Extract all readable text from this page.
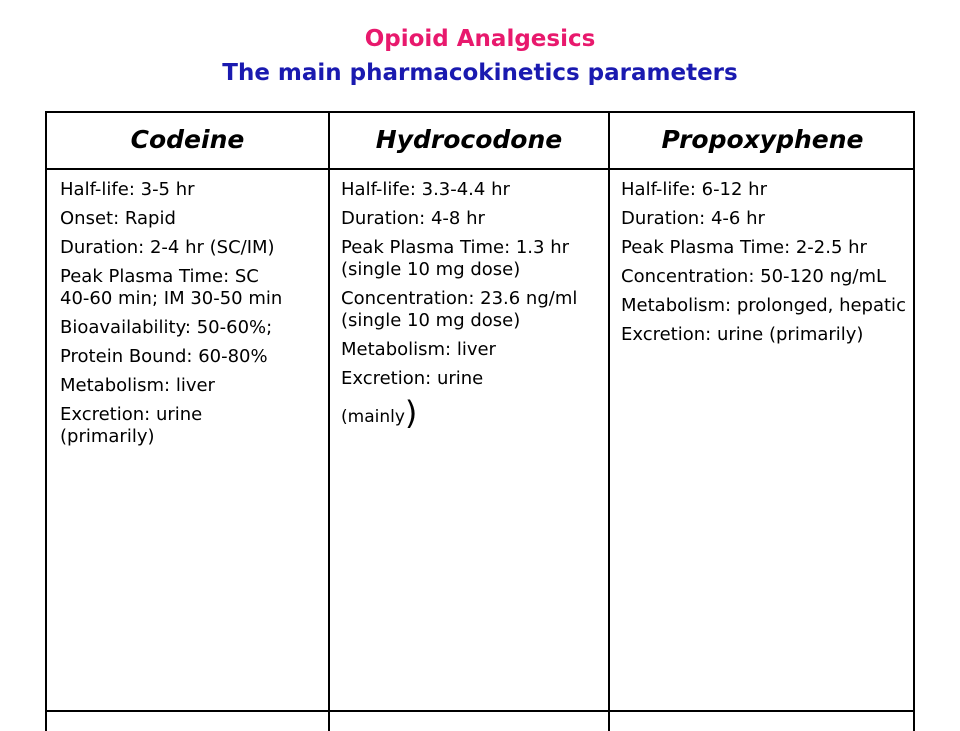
Opioid Analgesics
The main pharmacokinetics parameters
Codeine	Hydrocodone	Propoxyphene
Half-life: 3-5 hr
Onset: Rapid
Duration: 2-4 hr (SC/IM)
Peak Plasma Time: SC 40-60 min; IM 30-50 min
Bioavailability: 50-60%;
Protein Bound: 60-80%
Metabolism: liver
Excretion: urine (primarily)
Half-life: 3.3-4.4 hr
Duration: 4-8 hr
Peak Plasma Time: 1.3 hr (single 10 mg dose)
Concentration: 23.6 ng/ml (single 10 mg dose)
Metabolism: liver
Excretion: urine
(mainly)
Half-life: 6-12 hr
Duration: 4-6 hr
Peak Plasma Time: 2-2.5 hr
Concentration: 50-120 ng/mL
Metabolism: prolonged, hepatic
Excretion: urine (primarily)
